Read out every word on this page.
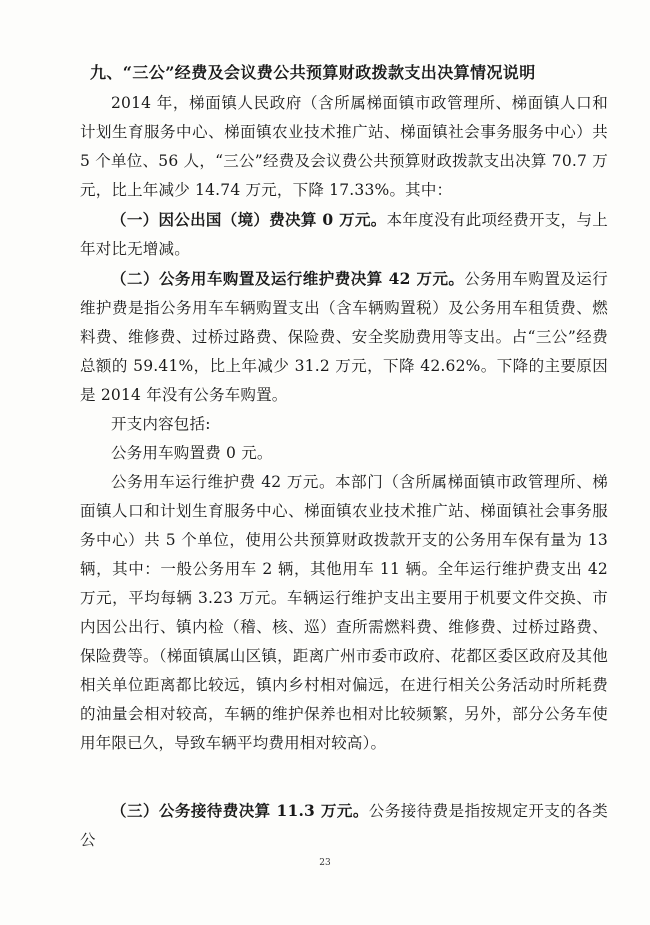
九、“三公”经费及会议费公共预算财政拨款支出决算情况说明

2014 年，梯面镇人民政府（含所属梯面镇市政管理所、梯面镇人口和计划生育服务中心、梯面镇农业技术推广站、梯面镇社会事务服务中心）共 5 个单位、56 人，“三公”经费及会议费公共预算财政拨款支出决算 70.7 万元，比上年减少 14.74 万元，下降 17.33%。其中：

（一）因公出国（境）费决算 0 万元。本年度没有此项经费开支，与上年对比无增减。

（二）公务用车购置及运行维护费决算 42 万元。公务用车购置及运行维护费是指公务用车车辆购置支出（含车辆购置税）及公务用车租赁费、燃料费、维修费、过桥过路费、保险费、安全奖励费用等支出。占“三公”经费总额的 59.41%，比上年减少 31.2 万元，下降 42.62%。下降的主要原因是 2014 年没有公务车购置。

开支内容包括:

公务用车购置费 0 元。

公务用车运行维护费 42 万元。本部门（含所属梯面镇市政管理所、梯面镇人口和计划生育服务中心、梯面镇农业技术推广站、梯面镇社会事务服务中心）共 5 个单位，使用公共预算财政拨款开支的公务用车保有量为 13 辆，其中：一般公务用车 2 辆，其他用车 11 辆。全年运行维护费支出 42 万元，平均每辆 3.23 万元。车辆运行维护支出主要用于机要文件交换、市内因公出行、镇内检（稽、核、巡）查所需燃料费、维修费、过桥过路费、保险费等。（梯面镇属山区镇，距离广州市委市政府、花都区委区政府及其他相关单位距离都比较远，镇内乡村相对偏远，在进行相关公务活动时所耗费的油量会相对较高，车辆的维护保养也相对比较频繁，另外，部分公务车使用年限已久，导致车辆平均费用相对较高）。

（三）公务接待费决算 11.3 万元。公务接待费是指按规定开支的各类公

23
